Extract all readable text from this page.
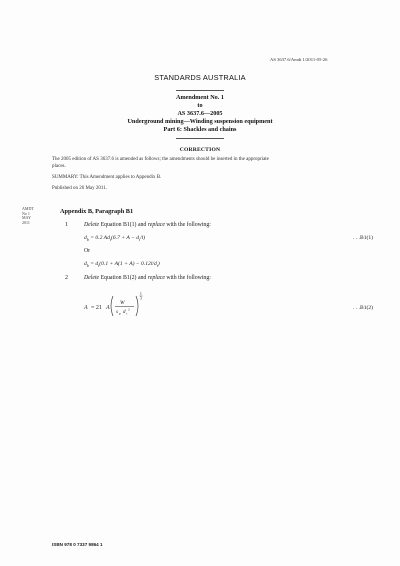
AS 3637.6/Amdt 1/2011-05-26
STANDARDS AUSTRALIA
Amendment No. 1
to
AS 3637.6—2005
Underground mining—Winding suspension equipment
Part 6: Shackles and chains
CORRECTION
The 2005 edition of AS 3637.6 is amended as follows; the amendments should be inserted in the appropriate
places.
SUMMARY: This Amendment applies to Appendix B.
Published on 26 May 2011.
AMDT
No 1
MAY
2011
Appendix B, Paragraph B1
1	Delete Equation B1(1) and replace with the following:
$d_b = 0.2$ $Ad_t(6.7 + A - d_t/l)$	. . .B1(1)
Or
$d_b = d_t(0.1 + A(1 + A) - 0.12l/d_t)$
2	Delete Equation B1(2) and replace with the following:
A = 21 A
W
s p d t
2
1
3
. . .B1(2)
ISBN 978 0 7337 9864 1
